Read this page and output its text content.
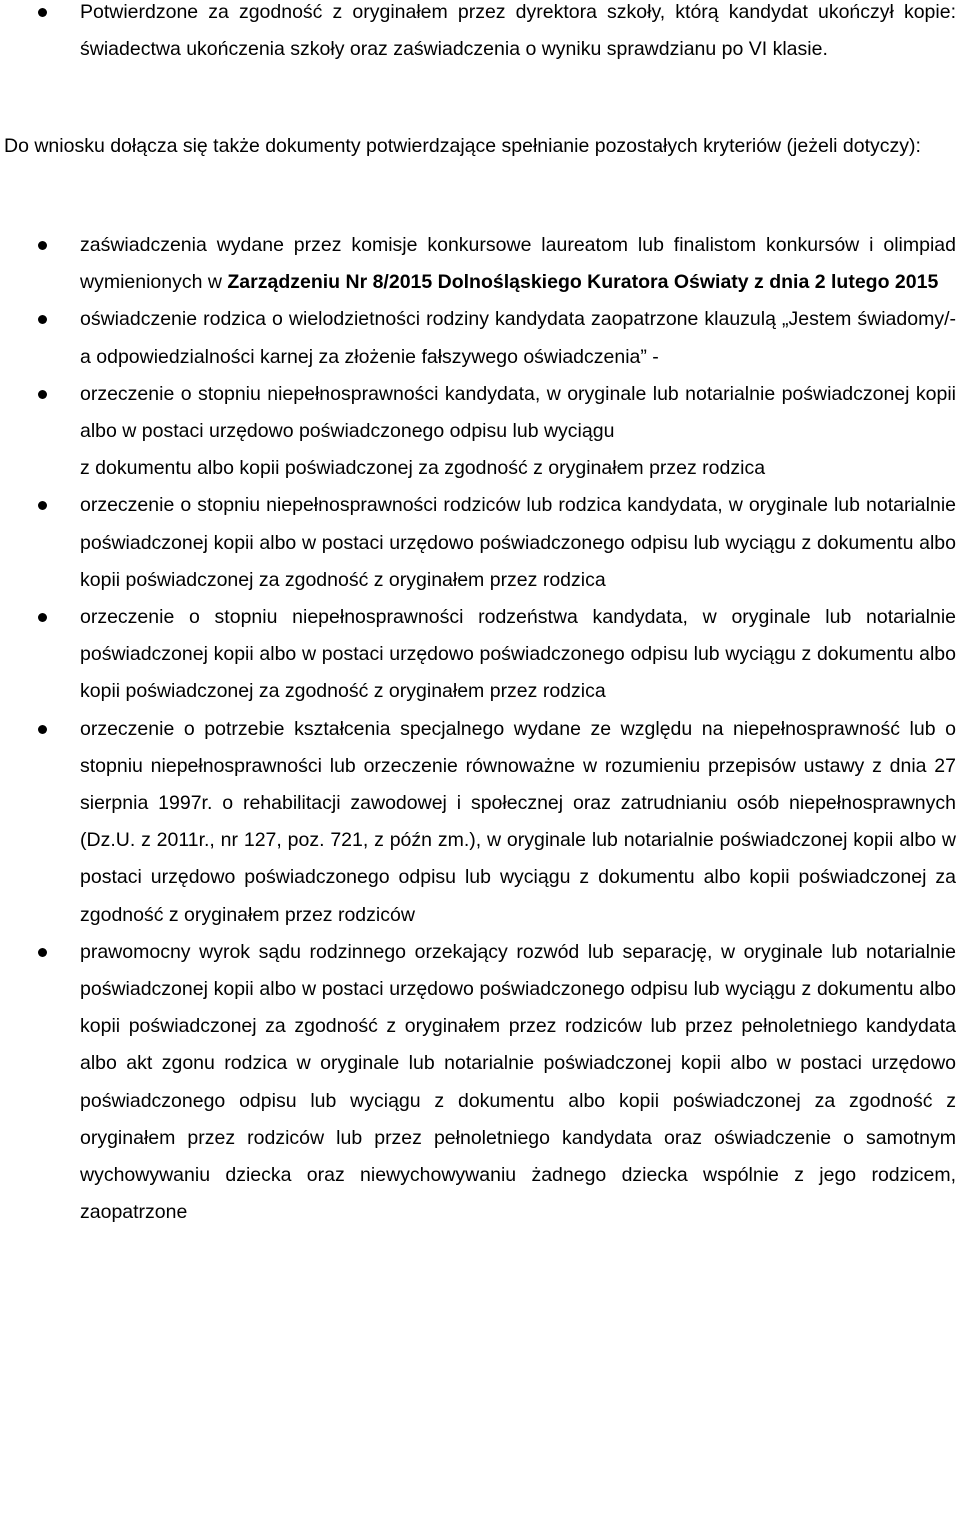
Potwierdzone za zgodność z oryginałem przez dyrektora szkoły, którą kandydat ukończył kopie: świadectwa ukończenia szkoły oraz zaświadczenia o wyniku sprawdzianu po VI klasie.

Do wniosku dołącza się także dokumenty potwierdzające spełnianie pozostałych kryteriów (jeżeli dotyczy):

zaświadczenia wydane przez komisje konkursowe laureatom lub finalistom konkursów i olimpiad wymienionych w Zarządzeniu Nr 8/2015 Dolnośląskiego Kuratora Oświaty z dnia 2 lutego 2015
oświadczenie rodzica o wielodzietności rodziny kandydata zaopatrzone klauzulą „Jestem świadomy/-a odpowiedzialności karnej za złożenie fałszywego oświadczenia” -
orzeczenie o stopniu niepełnosprawności kandydata, w oryginale lub notarialnie poświadczonej kopii albo w postaci urzędowo poświadczonego odpisu lub wyciągu
z dokumentu albo kopii poświadczonej za zgodność z oryginałem przez rodzica
orzeczenie o stopniu niepełnosprawności rodziców lub rodzica kandydata, w oryginale lub notarialnie poświadczonej kopii albo w postaci urzędowo poświadczonego odpisu lub wyciągu z dokumentu albo kopii poświadczonej za zgodność z oryginałem przez rodzica
orzeczenie o stopniu niepełnosprawności rodzeństwa kandydata, w oryginale lub notarialnie poświadczonej kopii albo w postaci urzędowo poświadczonego odpisu lub wyciągu z dokumentu albo kopii poświadczonej za zgodność z oryginałem przez rodzica
orzeczenie o potrzebie kształcenia specjalnego wydane ze względu na niepełnosprawność lub o stopniu niepełnosprawności lub orzeczenie równoważne w rozumieniu przepisów ustawy z dnia 27 sierpnia 1997r. o rehabilitacji zawodowej i społecznej oraz zatrudnianiu osób niepełnosprawnych (Dz.U. z 2011r., nr 127, poz. 721, z późn zm.), w oryginale lub notarialnie poświadczonej kopii albo w postaci urzędowo poświadczonego odpisu lub wyciągu z dokumentu albo kopii poświadczonej za zgodność z oryginałem przez rodziców
prawomocny wyrok sądu rodzinnego orzekający rozwód lub separację, w oryginale lub notarialnie poświadczonej kopii albo w postaci urzędowo poświadczonego odpisu lub wyciągu z dokumentu albo kopii poświadczonej za zgodność z oryginałem przez rodziców lub przez pełnoletniego kandydata albo akt zgonu rodzica w oryginale lub notarialnie poświadczonej kopii albo w postaci urzędowo poświadczonego odpisu lub wyciągu z dokumentu albo kopii poświadczonej za zgodność z oryginałem przez rodziców lub przez pełnoletniego kandydata oraz oświadczenie o samotnym wychowywaniu dziecka oraz niewychowywaniu żadnego dziecka wspólnie z jego rodzicem, zaopatrzone
